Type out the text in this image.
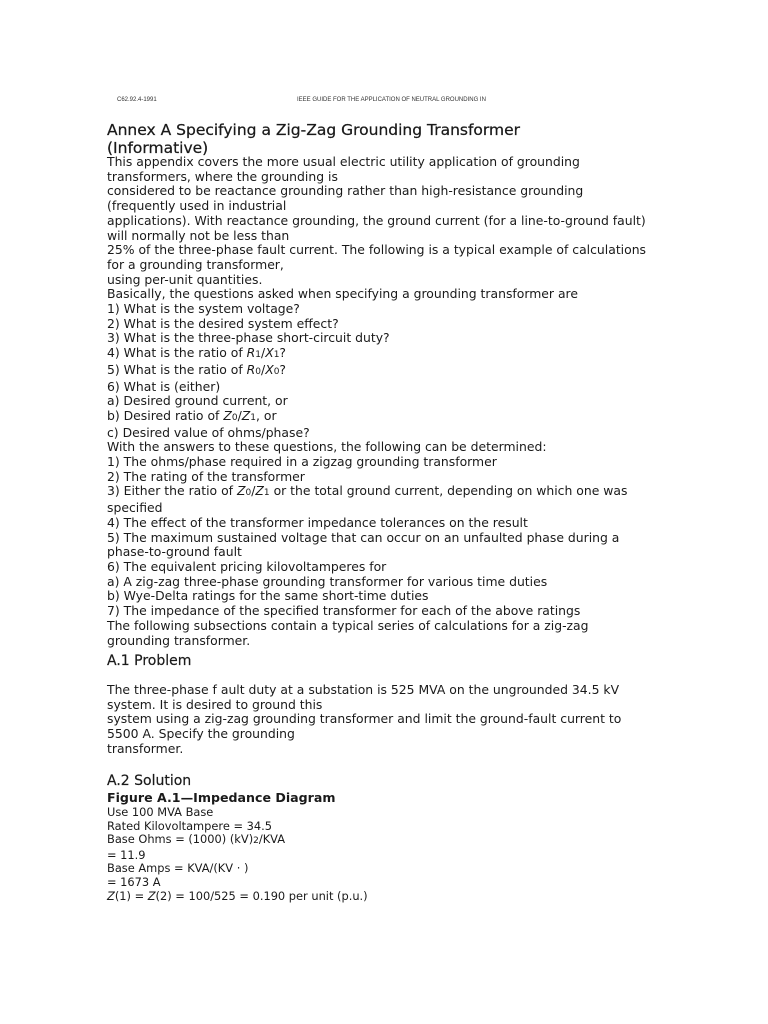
C62.92.4-1991	IEEE GUIDE FOR THE APPLICATION OF NEUTRAL GROUNDING IN
Annex A Specifying a Zig-Zag Grounding Transformer
(Informative)
This appendix covers the more usual electric utility application of grounding
transformers, where the grounding is
considered to be reactance grounding rather than high-resistance grounding
(frequently used in industrial
applications). With reactance grounding, the ground current (for a line-to-ground fault)
will normally not be less than
25% of the three-phase fault current. The following is a typical example of calculations
for a grounding transformer,
using per-unit quantities.
Basically, the questions asked when specifying a grounding transformer are
1) What is the system voltage?
2) What is the desired system effect?
3) What is the three-phase short-circuit duty?
4) What is the ratio of R1/X1?
5) What is the ratio of R0/X0?
6) What is (either)
a) Desired ground current, or
b) Desired ratio of Z0/Z1, or
c) Desired value of ohms/phase?
With the answers to these questions, the following can be determined:
1) The ohms/phase required in a zigzag grounding transformer
2) The rating of the transformer
3) Either the ratio of Z0/Z1 or the total ground current, depending on which one was
specified
4) The effect of the transformer impedance tolerances on the result
5) The maximum sustained voltage that can occur on an unfaulted phase during a
phase-to-ground fault
6) The equivalent pricing kilovoltamperes for
a) A zig-zag three-phase grounding transformer for various time duties
b) Wye-Delta ratings for the same short-time duties
7) The impedance of the specified transformer for each of the above ratings
The following subsections contain a typical series of calculations for a zig-zag
grounding transformer.
A.1 Problem
The three-phase f ault duty at a substation is 525 MVA on the ungrounded 34.5 kV
system. It is desired to ground this
system using a zig-zag grounding transformer and limit the ground-fault current to
5500 A. Specify the grounding
transformer.
A.2 Solution
Figure A.1—Impedance Diagram
Use 100 MVA Base
Rated Kilovoltampere = 34.5
Base Ohms = (1000) (kV)2/KVA
= 11.9
Base Amps = KVA/(KV · )
= 1673 A
Z(1) = Z(2) = 100/525 = 0.190 per unit (p.u.)
